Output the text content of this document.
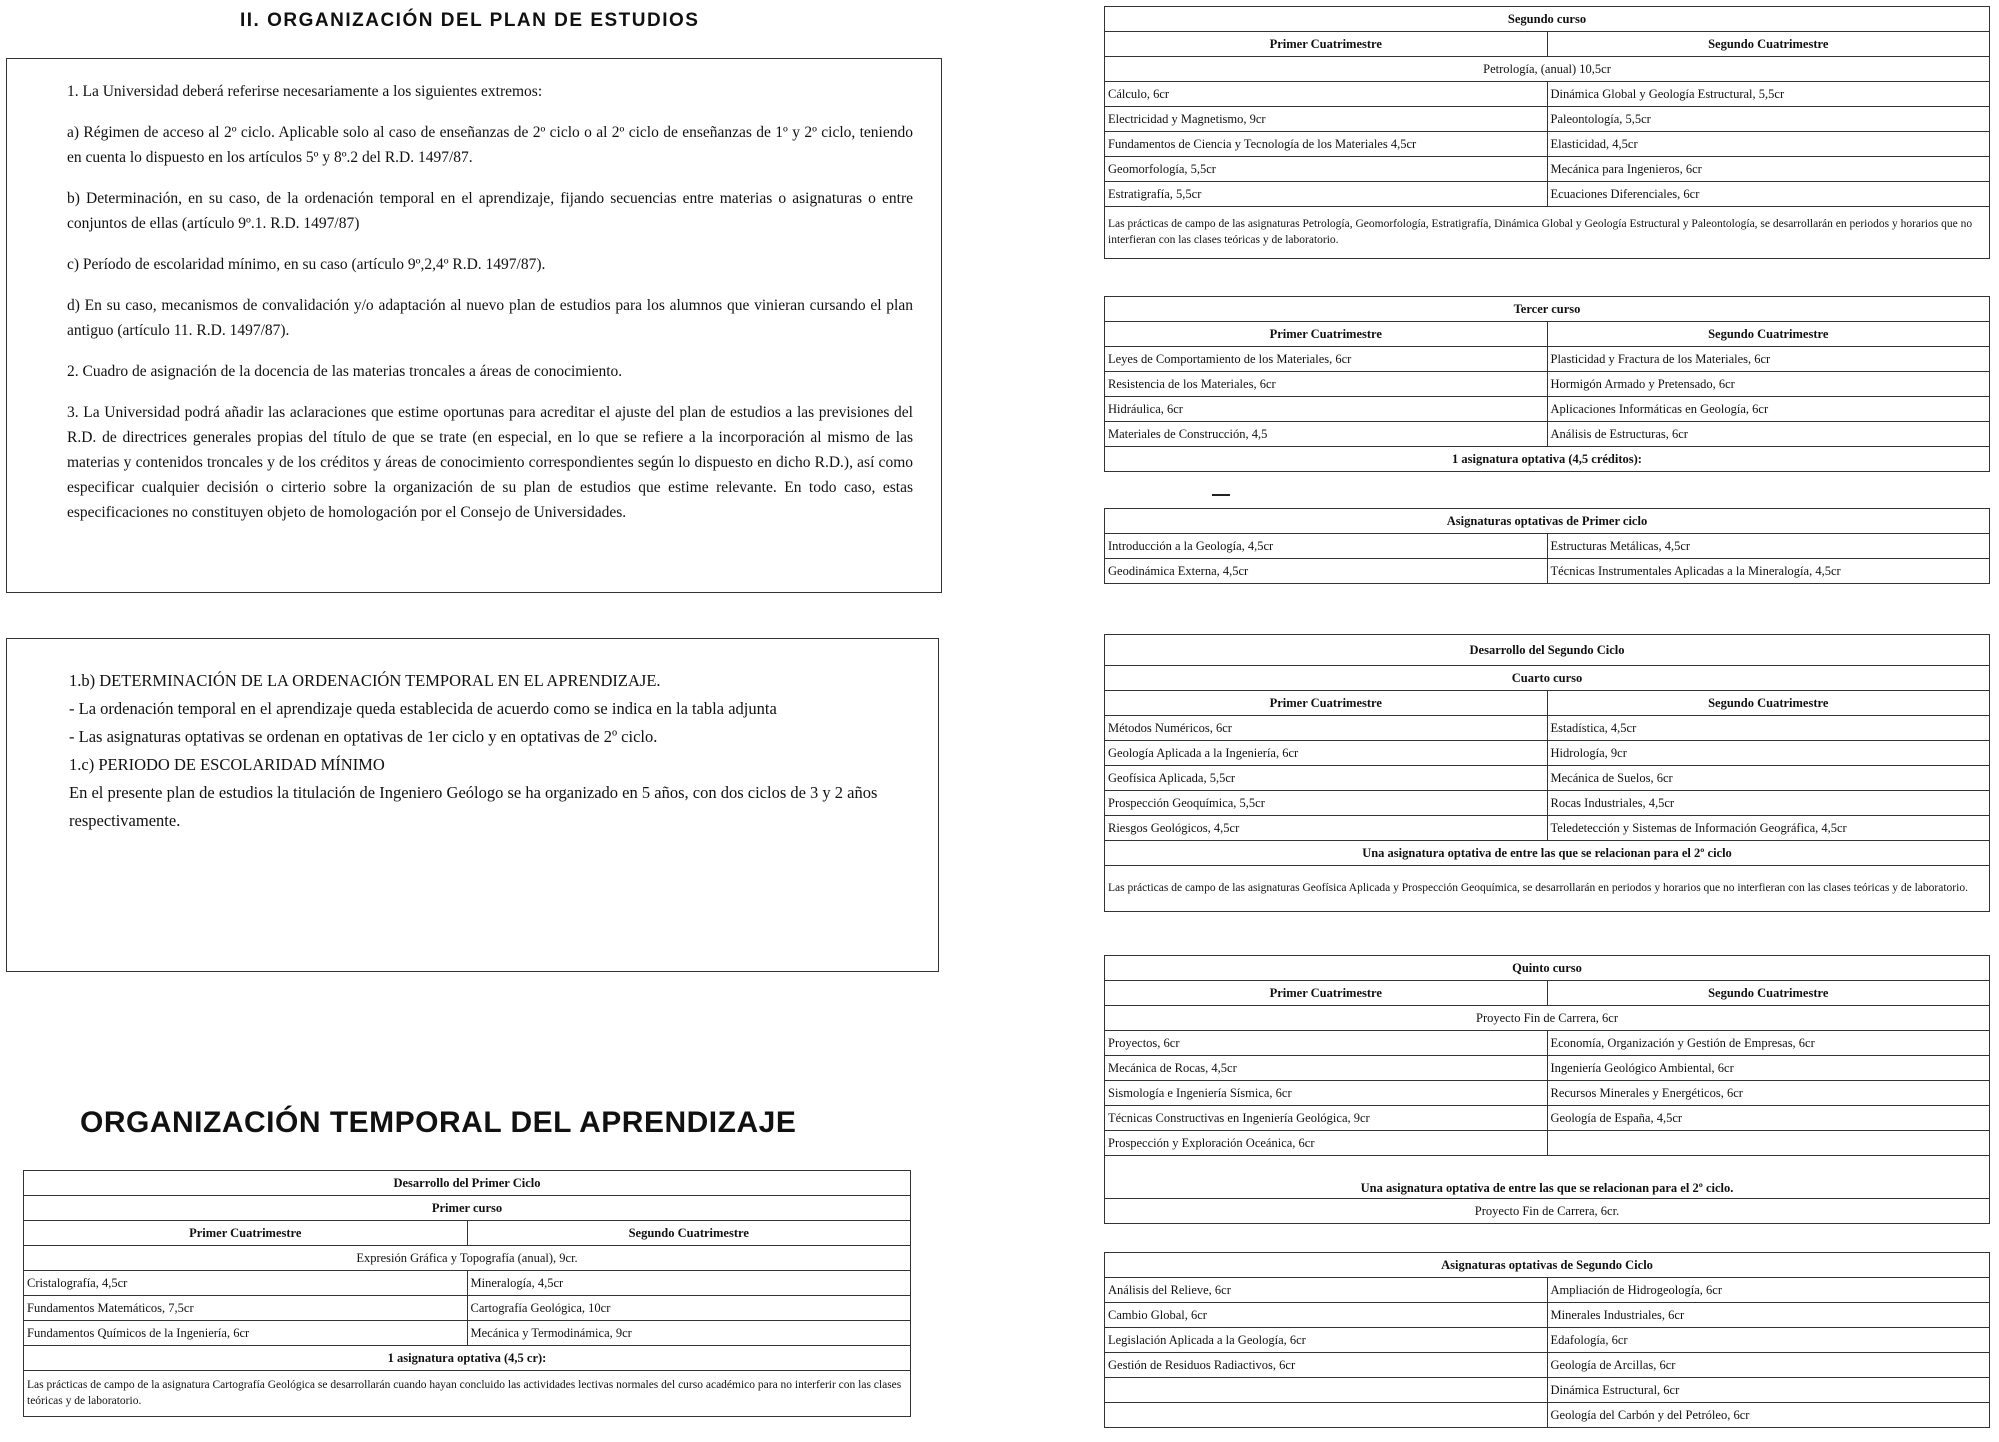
II. ORGANIZACIÓN DEL PLAN DE ESTUDIOS

1. La Universidad deberá referirse necesariamente a los siguientes extremos:

a) Régimen de acceso al 2º ciclo. Aplicable solo al caso de enseñanzas de 2º ciclo o al 2º ciclo de enseñanzas de 1º y 2º ciclo, teniendo en cuenta lo dispuesto en los artículos 5º y 8º.2 del R.D. 1497/87.

b) Determinación, en su caso, de la ordenación temporal en el aprendizaje, fijando secuencias entre materias o asignaturas o entre conjuntos de ellas (artículo 9º.1. R.D. 1497/87)

c) Período de escolaridad mínimo, en su caso (artículo 9º,2,4º R.D. 1497/87).

d) En su caso, mecanismos de convalidación y/o adaptación al nuevo plan de estudios para los alumnos que vinieran cursando el plan antiguo (artículo 11. R.D. 1497/87).

2. Cuadro de asignación de la docencia de las materias troncales a áreas de conocimiento.

3. La Universidad podrá añadir las aclaraciones que estime oportunas para acreditar el ajuste del plan de estudios a las previsiones del R.D. de directrices generales propias del título de que se trate (en especial, en lo que se refiere a la incorporación al mismo de las materias y contenidos troncales y de los créditos y áreas de conocimiento correspondientes según lo dispuesto en dicho R.D.), así como especificar cualquier decisión o cirterio sobre la organización de su plan de estudios que estime relevante. En todo caso, estas especificaciones no constituyen objeto de homologación por el Consejo de Universidades.

1.b) DETERMINACIÓN DE LA ORDENACIÓN TEMPORAL EN EL APRENDIZAJE.

- La ordenación temporal en el aprendizaje queda establecida de acuerdo como se indica en la tabla adjunta

- Las asignaturas optativas se ordenan en optativas de 1er ciclo y en optativas de 2º ciclo.

1.c) PERIODO DE ESCOLARIDAD MÍNIMO

En el presente plan de estudios la titulación de Ingeniero Geólogo se ha organizado en 5 años, con dos ciclos de 3 y 2 años respectivamente.

ORGANIZACIÓN TEMPORAL DEL APRENDIZAJE
Desarrollo del Primer Ciclo	
Primer curso	
Primer Cuatrimestre	Segundo Cuatrimestre
Expresión Gráfica y Topografía (anual), 9cr.	
Cristalografía, 4,5cr	Mineralogía, 4,5cr
Fundamentos Matemáticos, 7,5cr	Cartografía Geológica, 10cr
Fundamentos Químicos de la Ingeniería, 6cr	Mecánica y Termodinámica, 9cr
1 asignatura optativa (4,5 cr):	
Las prácticas de campo de la asignatura Cartografía Geológica se desarrollarán cuando hayan concluido las actividades lectivas normales del curso académico para no interferir con las clases teóricas y de laboratorio.	
Segundo curso	
Primer Cuatrimestre	Segundo Cuatrimestre
Petrología, (anual) 10,5cr	
Cálculo, 6cr	Dinámica Global y Geología Estructural, 5,5cr
Electricidad y Magnetismo, 9cr	Paleontología, 5,5cr
Fundamentos de Ciencia y Tecnología de los Materiales 4,5cr	Elasticidad, 4,5cr
Geomorfología, 5,5cr	Mecánica para Ingenieros, 6cr
Estratigrafía, 5,5cr	Ecuaciones Diferenciales, 6cr
Las prácticas de campo de las asignaturas Petrología, Geomorfología, Estratigrafía, Dinámica Global y Geología Estructural y Paleontología, se desarrollarán en periodos y horarios que no interfieran con las clases teóricas y de laboratorio.	
Tercer curso	
Primer Cuatrimestre	Segundo Cuatrimestre
Leyes de Comportamiento de los Materiales, 6cr	Plasticidad y Fractura de los Materiales, 6cr
Resistencia de los Materiales, 6cr	Hormigón Armado y Pretensado, 6cr
Hidráulica, 6cr	Aplicaciones Informáticas en Geología, 6cr
Materiales de Construcción, 4,5	Análisis de Estructuras, 6cr
1 asignatura optativa (4,5 créditos):	
Asignaturas optativas de Primer ciclo	
Introducción a la Geología, 4,5cr	Estructuras Metálicas, 4,5cr
Geodinámica Externa, 4,5cr	Técnicas Instrumentales Aplicadas a la Mineralogía, 4,5cr
Desarrollo del Segundo Ciclo	
Cuarto curso	
Primer Cuatrimestre	Segundo Cuatrimestre
Métodos Numéricos, 6cr	Estadística, 4,5cr
Geología Aplicada a la Ingeniería, 6cr	Hidrología, 9cr
Geofísica Aplicada, 5,5cr	Mecánica de Suelos, 6cr
Prospección Geoquímica, 5,5cr	Rocas Industriales, 4,5cr
Riesgos Geológicos, 4,5cr	Teledetección y Sistemas de Información Geográfica, 4,5cr
Una asignatura optativa de entre las que se relacionan para el 2º ciclo	
Las prácticas de campo de las asignaturas Geofísica Aplicada y Prospección Geoquímica, se desarrollarán en periodos y horarios que no interfieran con las clases teóricas y de laboratorio.	
Quinto curso	
Primer Cuatrimestre	Segundo Cuatrimestre
Proyecto Fin de Carrera, 6cr	
Proyectos, 6cr	Economía, Organización y Gestión de Empresas, 6cr
Mecánica de Rocas, 4,5cr	Ingeniería Geológico Ambiental, 6cr
Sismología e Ingeniería Sísmica, 6cr	Recursos Minerales y Energéticos, 6cr
Técnicas Constructivas en Ingeniería Geológica, 9cr	Geología de España, 4,5cr
Prospección y Exploración Oceánica, 6cr	
Una asignatura optativa de entre las que se relacionan para el 2º ciclo.	
Proyecto Fin de Carrera, 6cr.	
Asignaturas optativas de Segundo Ciclo	
Análisis del Relieve, 6cr	Ampliación de Hidrogeología, 6cr
Cambio Global, 6cr	Minerales Industriales, 6cr
Legislación Aplicada a la Geología, 6cr	Edafología, 6cr
Gestión de Residuos Radiactivos, 6cr	Geología de Arcillas, 6cr
	Dinámica Estructural, 6cr
	Geología del Carbón y del Petróleo, 6cr
